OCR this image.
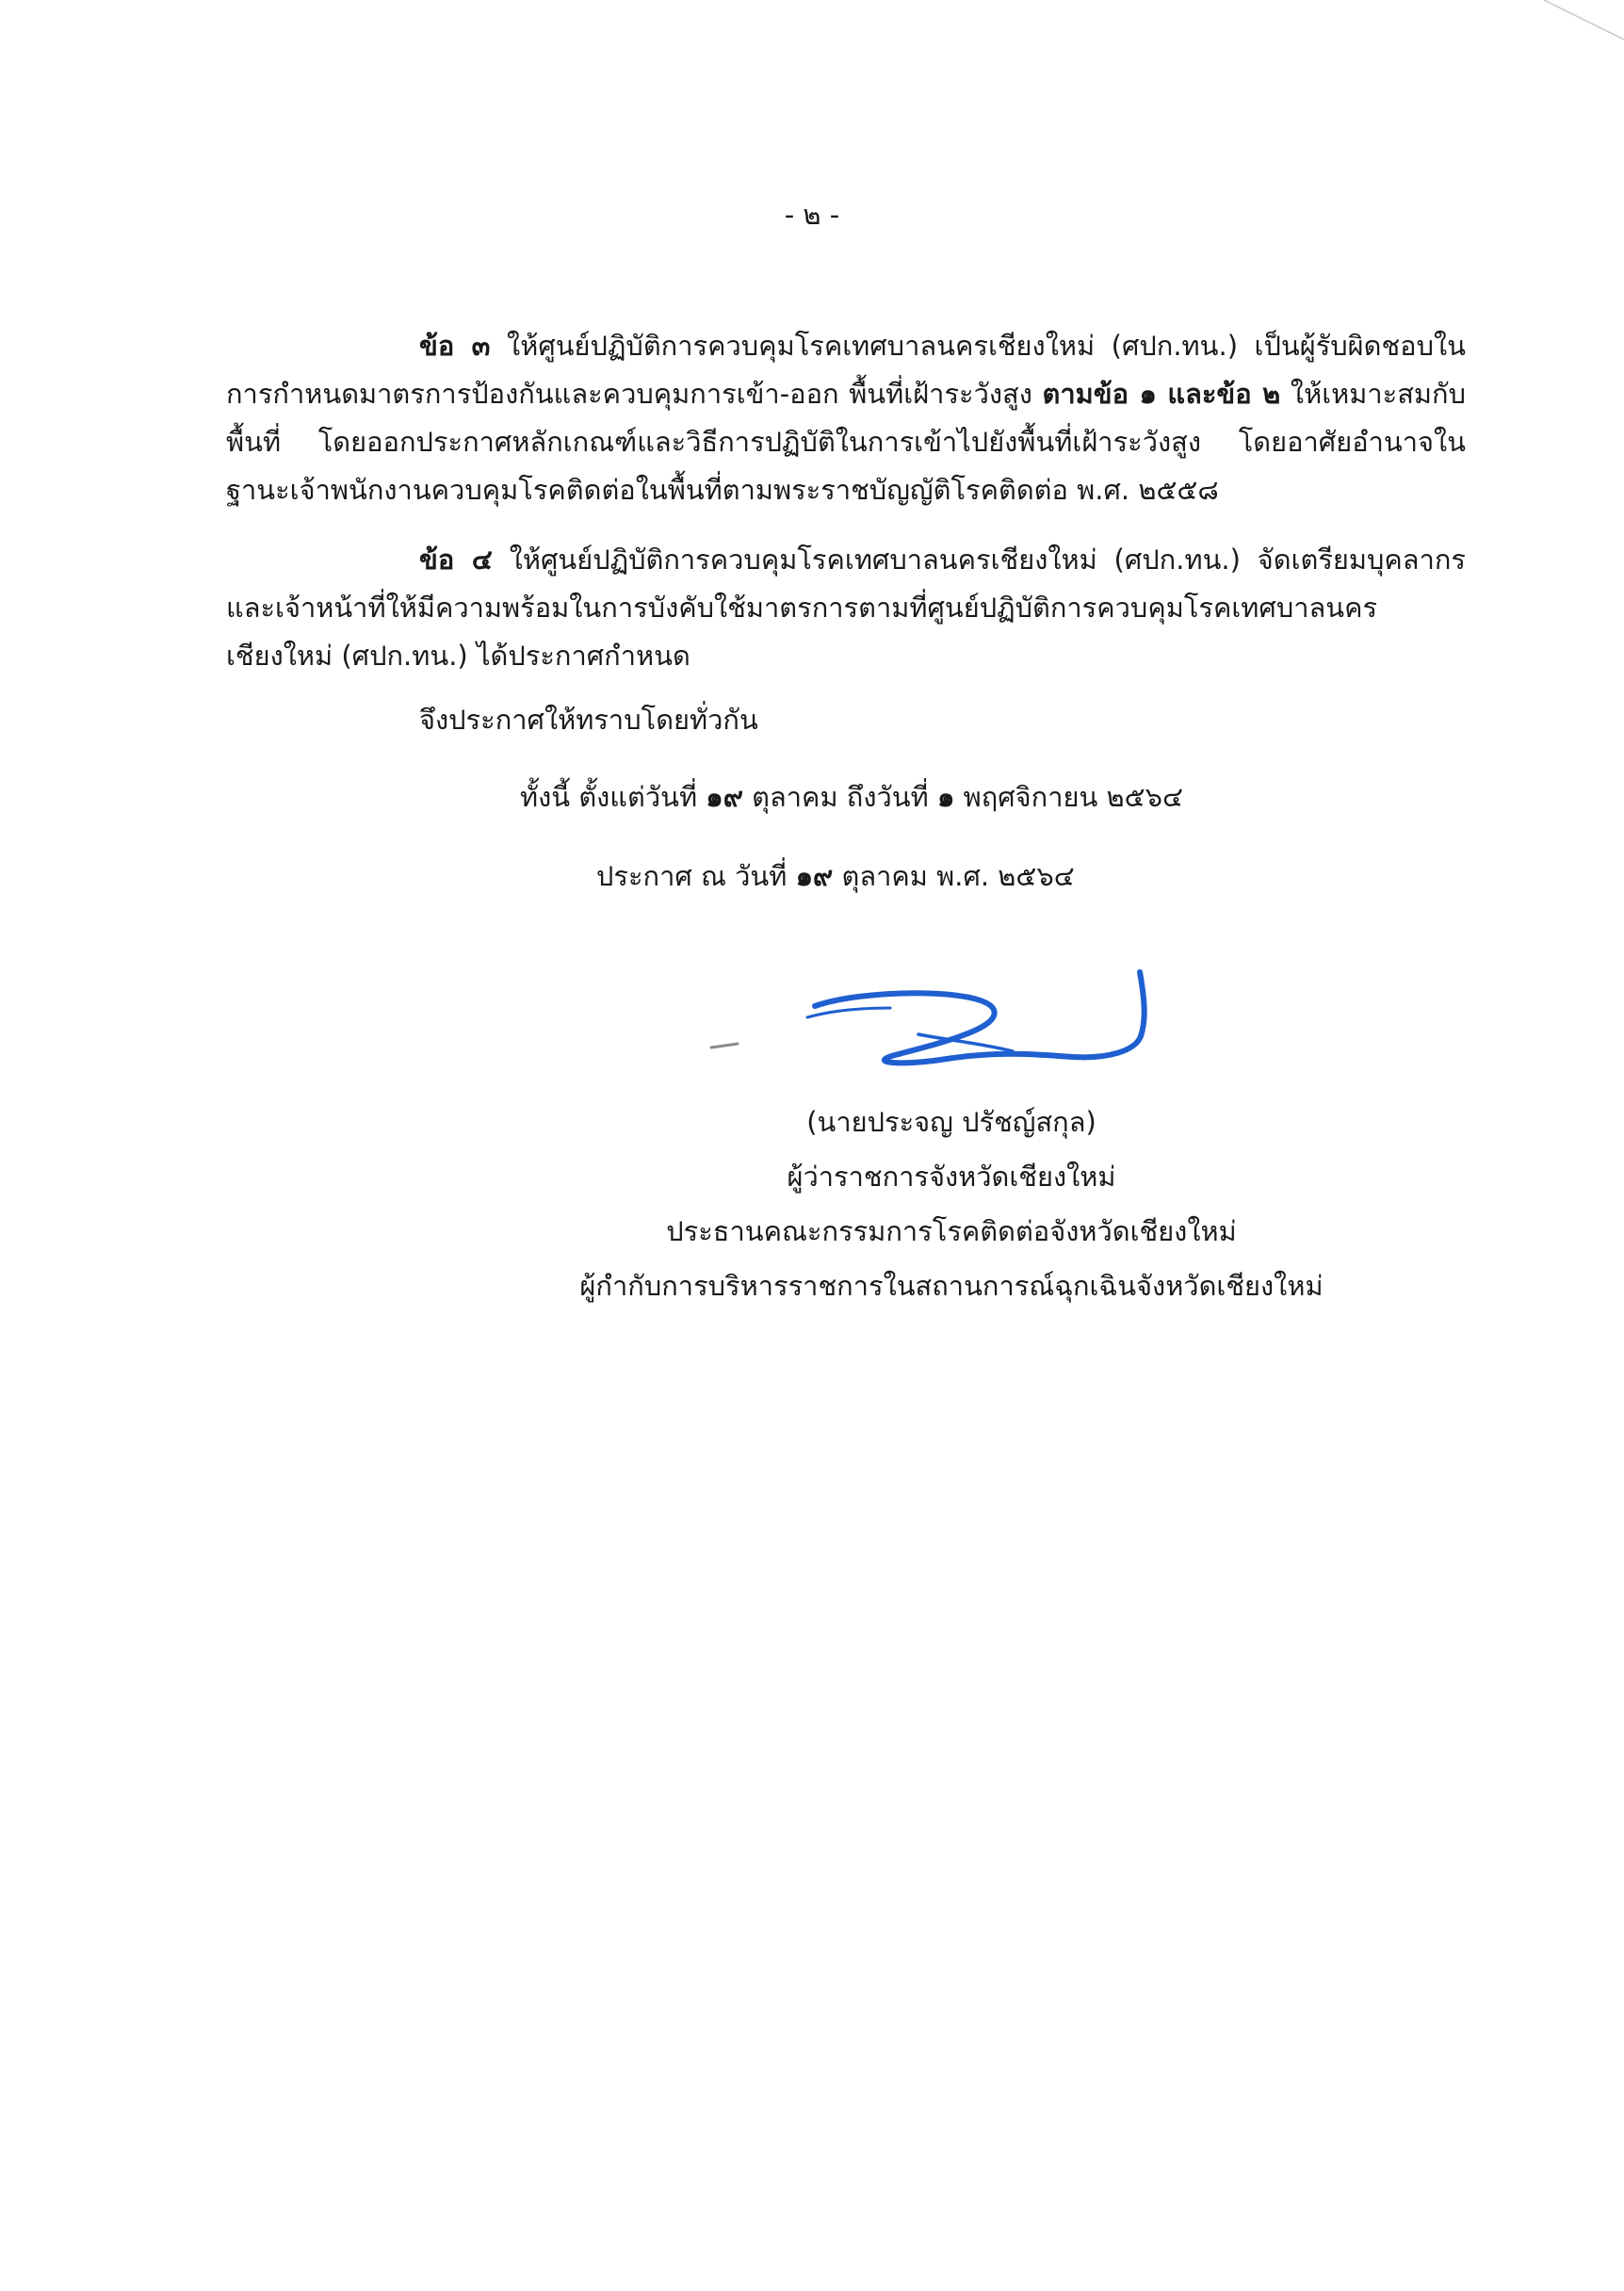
- ๒ -

ข้อ ๓ ให้ศูนย์ปฏิบัติการควบคุมโรคเทศบาลนครเชียงใหม่ (ศปก.ทน.) เป็นผู้รับผิดชอบในการกำหนดมาตรการป้องกันและควบคุมการเข้า-ออก พื้นที่เฝ้าระวังสูง ตามข้อ ๑ และข้อ ๒ ให้เหมาะสมกับพื้นที่ โดยออกประกาศหลักเกณฑ์และวิธีการปฏิบัติในการเข้าไปยังพื้นที่เฝ้าระวังสูง โดยอาศัยอำนาจในฐานะเจ้าพนักงานควบคุมโรคติดต่อในพื้นที่ตามพระราชบัญญัติโรคติดต่อ พ.ศ. ๒๕๕๘

ข้อ ๔ ให้ศูนย์ปฏิบัติการควบคุมโรคเทศบาลนครเชียงใหม่ (ศปก.ทน.) จัดเตรียมบุคลากรและเจ้าหน้าที่ให้มีความพร้อมในการบังคับใช้มาตรการตามที่ศูนย์ปฏิบัติการควบคุมโรคเทศบาลนครเชียงใหม่ (ศปก.ทน.) ได้ประกาศกำหนด

จึงประกาศให้ทราบโดยทั่วกัน
ทั้งนี้ ตั้งแต่วันที่ ๑๙ ตุลาคม ถึงวันที่ ๑ พฤศจิกายน ๒๕๖๔
ประกาศ ณ วันที่ ๑๙ ตุลาคม พ.ศ. ๒๕๖๔
(นายประจญ ปรัชญ์สกุล)
ผู้ว่าราชการจังหวัดเชียงใหม่
ประธานคณะกรรมการโรคติดต่อจังหวัดเชียงใหม่
ผู้กำกับการบริหารราชการในสถานการณ์ฉุกเฉินจังหวัดเชียงใหม่
